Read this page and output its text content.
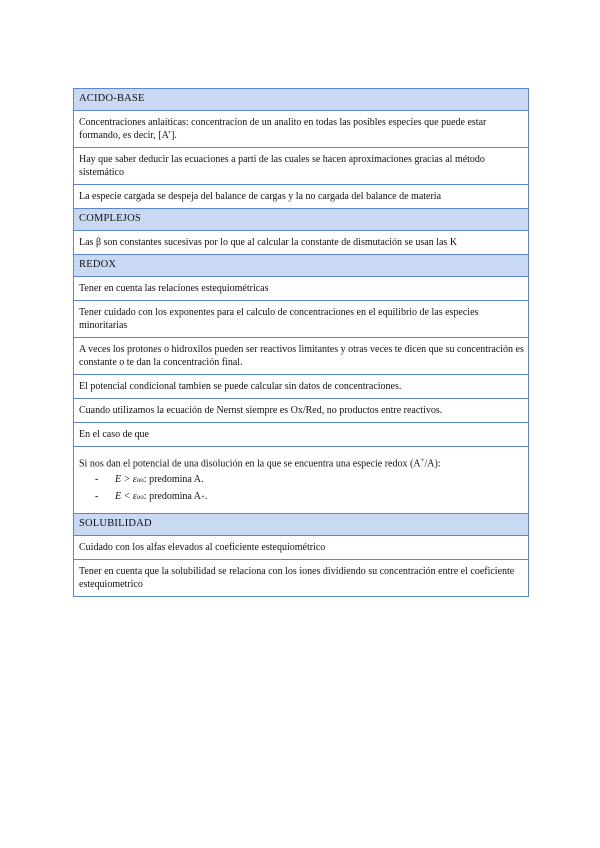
ACIDO-BASE
Concentraciones anlaíticas: concentracion de un analito en todas las posibles especies que puede estar formando, es decir, [A’].
Hay que saber deducir las ecuaciones a parti de las cuales se hacen aproximaciones gracias al método sistemático
La especie cargada se despeja del balance de cargas y la no cargada del balance de materia
COMPLEJOS
Las β son constantes sucesivas por lo que al calcular la constante de dismutación se usan las K
REDOX
Tener en cuenta las relaciones estequiométricas
Tener cuidado con los exponentes para el calculo de concentraciones en el equilibrio de las especies minoritarias
A veces los protones o hidroxilos pueden ser reactivos limitantes y otras veces te dicen que su concentración es constante o te dan la concentración final.
El potencial condicional tambien se puede calcular sin datos de concentraciones.
Cuando utilizamos la ecuación de Nernst siempre es Ox/Red, no productos entre reactivos.
En el caso de que
Si nos dan el potencial de una disolución en la que se encuentra una especie redox (A+/A):
-	E > ε o o : predomina A.
-	E < ε o o : predomina A + .
SOLUBILIDAD
Cuidado con los alfas elevados al coeficiente estequiométrico
Tener en cuenta que la solubilidad se relaciona con los iones dividiendo su concentración entre el coeficiente estequiometrico
